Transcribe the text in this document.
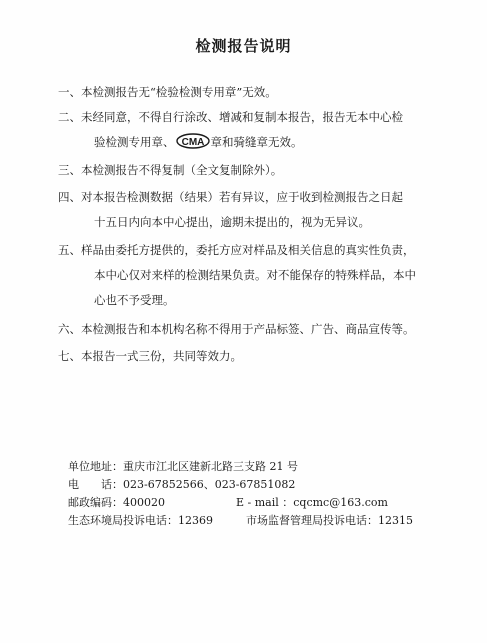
检测报告说明
一、本检测报告无“检验检测专用章”无效。
二、未经同意，不得自行涂改、增减和复制本报告，报告无本中心检
验检测专用章、 CMA 章和骑缝章无效。
三、本检测报告不得复制（全文复制除外）。
四、对本报告检测数据（结果）若有异议，应于收到检测报告之日起
十五日内向本中心提出，逾期未提出的，视为无异议。
五、样品由委托方提供的，委托方应对样品及相关信息的真实性负责，
本中心仅对来样的检测结果负责。对不能保存的特殊样品，本中
心也不予受理。
六、本检测报告和本机构名称不得用于产品标签、广告、商品宣传等。
七、本报告一式三份，共同等效力。
单位地址：重庆市江北区建新北路三支路 21 号
电　　话：023-67852566、023-67851082
邮政编码：400020	E - mail ：cqcmc@163.com
生态环境局投诉电话：12369	市场监督管理局投诉电话：12315
